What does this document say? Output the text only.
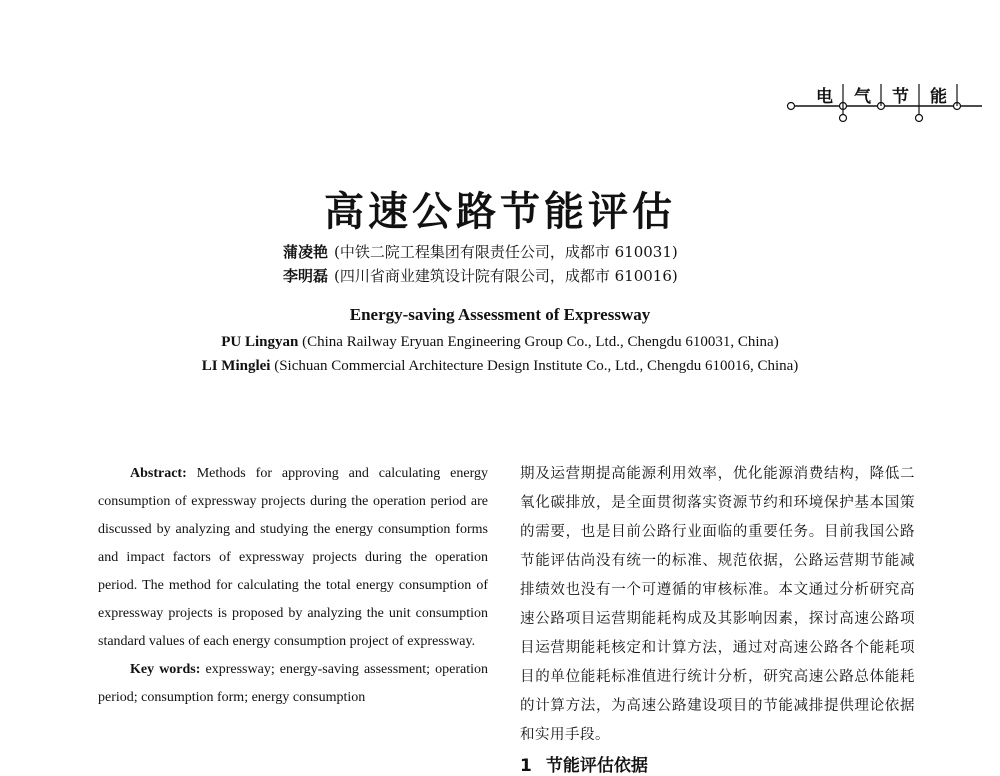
电 气 节 能
高速公路节能评估
蒲凌艳 (中铁二院工程集团有限责任公司，成都市 610031)
李明磊 (四川省商业建筑设计院有限公司，成都市 610016)
Energy-saving Assessment of Expressway
PU Lingyan (China Railway Eryuan Engineering Group Co., Ltd., Chengdu 610031, China)
LI Minglei (Sichuan Commercial Architecture Design Institute Co., Ltd., Chengdu 610016, China)

Abstract: Methods for approving and calculating energy consumption of expressway projects during the operation period are discussed by analyzing and studying the energy consumption forms and impact factors of expressway projects during the operation period. The method for calculating the total energy consumption of expressway projects is proposed by analyzing the unit consumption standard values of each energy consumption project of expressway.

Key words: expressway; energy-saving assessment; operation period; consumption form; energy consumption

期及运营期提高能源利用效率，优化能源消费结构，降低二氧化碳排放，是全面贯彻落实资源节约和环境保护基本国策的需要，也是目前公路行业面临的重要任务。目前我国公路节能评估尚没有统一的标准、规范依据，公路运营期节能减排绩效也没有一个可遵循的审核标准。本文通过分析研究高速公路项目运营期能耗构成及其影响因素，探讨高速公路项目运营期能耗核定和计算方法，通过对高速公路各个能耗项目的单位能耗标准值进行统计分析，研究高速公路总体能耗的计算方法，为高速公路建设项目的节能减排提供理论依据和实用手段。

1 节能评估依据
